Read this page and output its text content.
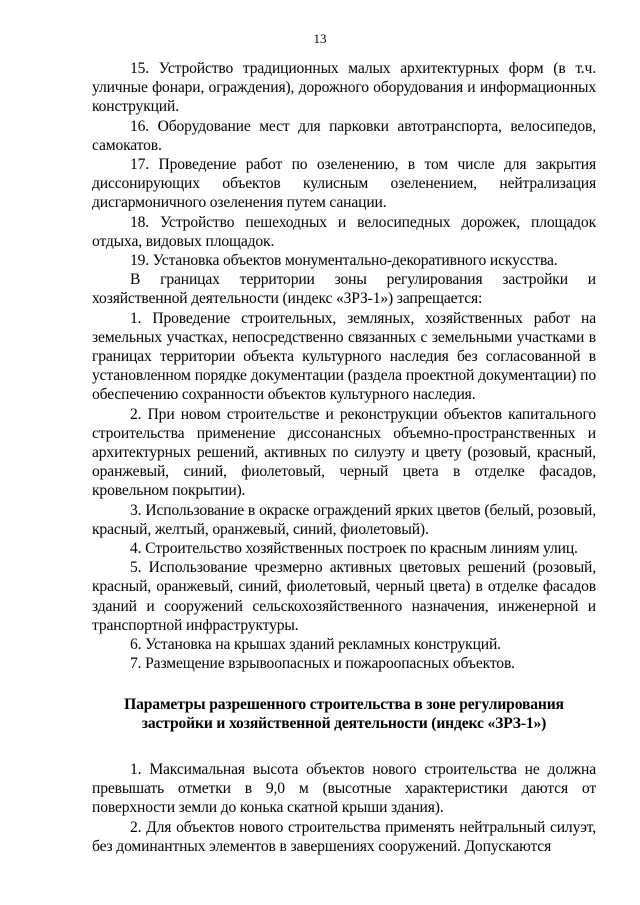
13

15. Устройство традиционных малых архитектурных форм (в т.ч. уличные фонари, ограждения), дорожного оборудования и информационных конструкций.

16. Оборудование мест для парковки автотранспорта, велосипедов, самокатов.

17. Проведение работ по озеленению, в том числе для закрытия диссонирующих объектов кулисным озеленением, нейтрализация дисгармоничного озеленения путем санации.

18. Устройство пешеходных и велосипедных дорожек, площадок отдыха, видовых площадок.

19. Установка объектов монументально-декоративного искусства.

В границах территории зоны регулирования застройки и хозяйственной деятельности (индекс «ЗРЗ-1») запрещается:

1. Проведение строительных, земляных, хозяйственных работ на земельных участках, непосредственно связанных с земельными участками в границах территории объекта культурного наследия без согласованной в установленном порядке документации (раздела проектной документации) по обеспечению сохранности объектов культурного наследия.

2. При новом строительстве и реконструкции объектов капитального строительства применение диссонансных объемно-пространственных и архитектурных решений, активных по силуэту и цвету (розовый, красный, оранжевый, синий, фиолетовый, черный цвета в отделке фасадов, кровельном покрытии).

3. Использование в окраске ограждений ярких цветов (белый, розовый, красный, желтый, оранжевый, синий, фиолетовый).

4. Строительство хозяйственных построек по красным линиям улиц.

5. Использование чрезмерно активных цветовых решений (розовый, красный, оранжевый, синий, фиолетовый, черный цвета) в отделке фасадов зданий и сооружений сельскохозяйственного назначения, инженерной и транспортной инфраструктуры.

6. Установка на крышах зданий рекламных конструкций.

7. Размещение взрывоопасных и пожароопасных объектов.

Параметры разрешенного строительства в зоне регулирования
застройки и хозяйственной деятельности (индекс «ЗРЗ-1»)

1. Максимальная высота объектов нового строительства не должна превышать отметки в 9,0 м (высотные характеристики даются от поверхности земли до конька скатной крыши здания).

2. Для объектов нового строительства применять нейтральный силуэт, без доминантных элементов в завершениях сооружений. Допускаются
